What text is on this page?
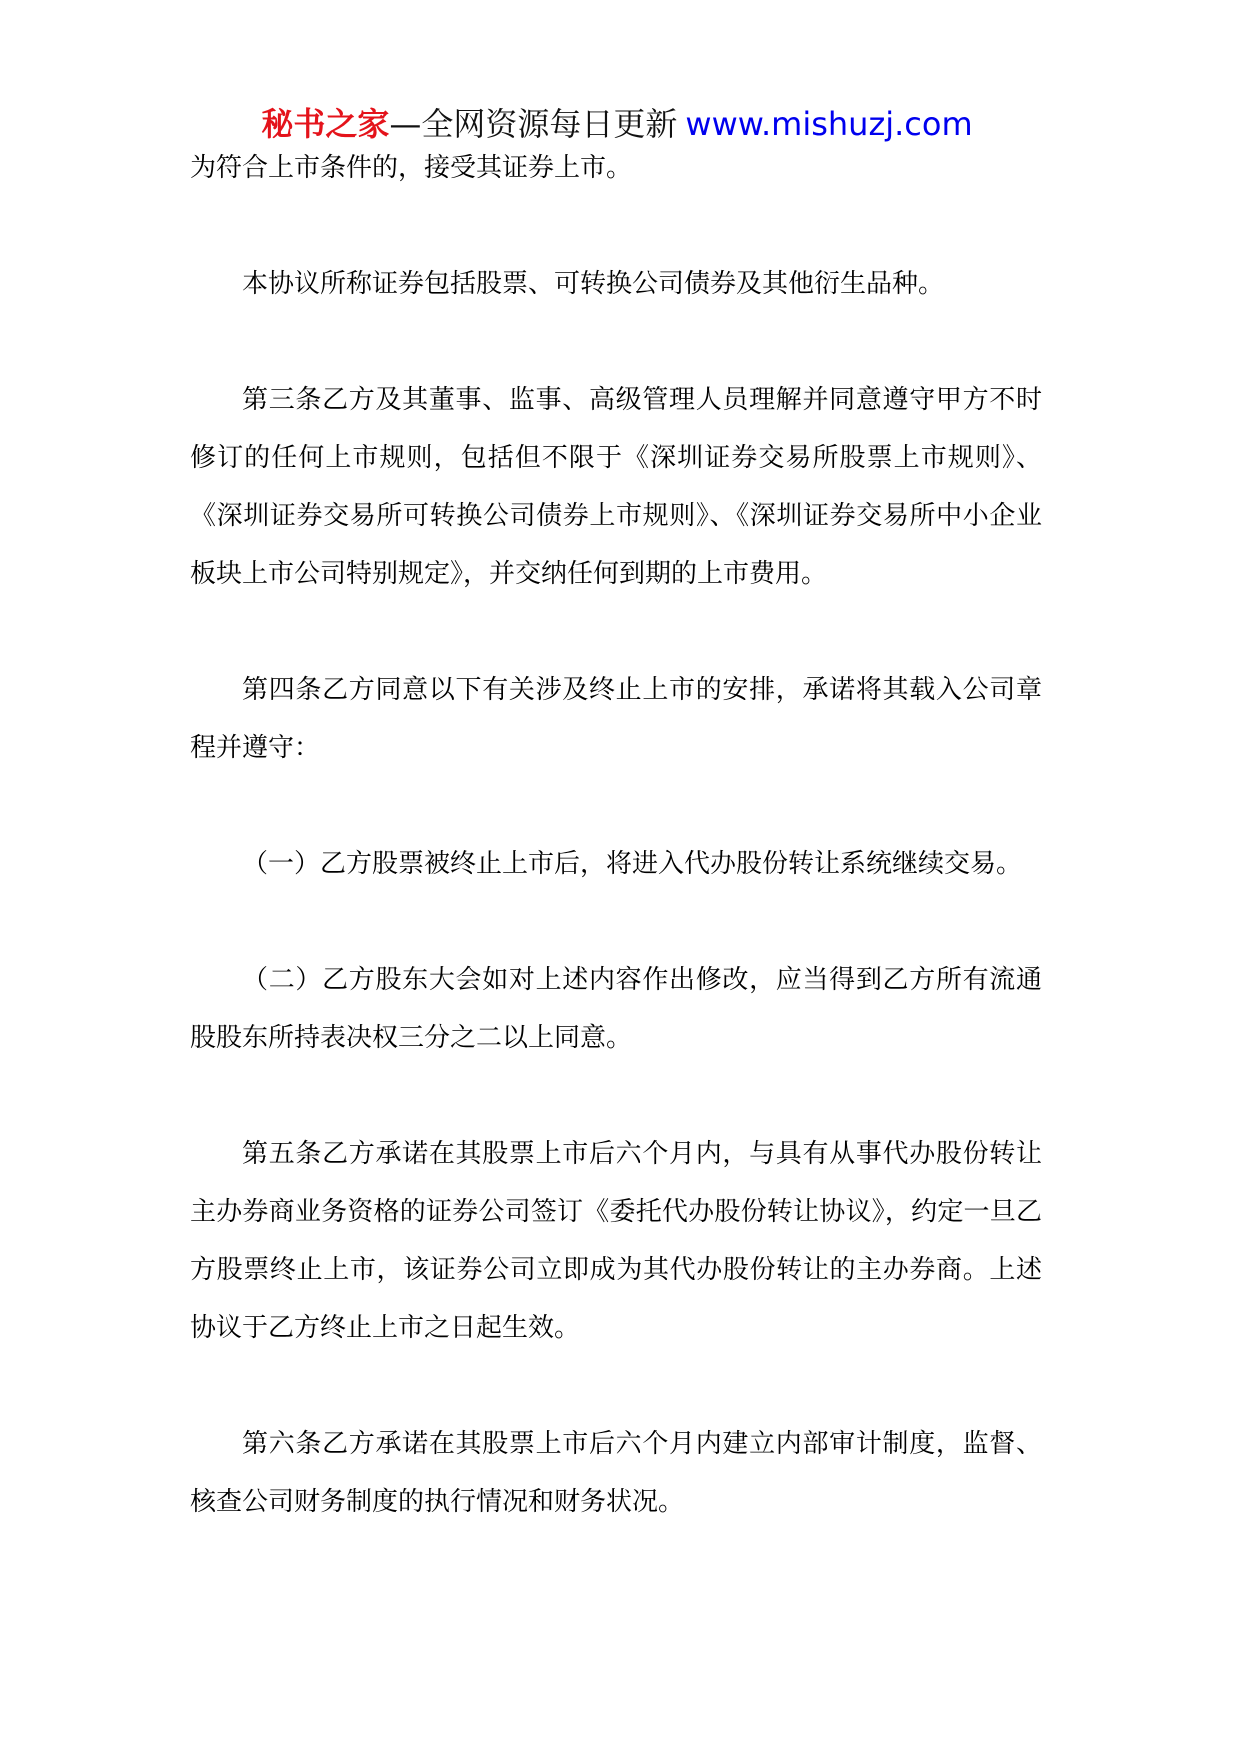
秘书之家—全网资源每日更新 www.mishuzj.com

为符合上市条件的，接受其证券上市。

本协议所称证券包括股票、可转换公司债券及其他衍生品种。

第三条乙方及其董事、监事、高级管理人员理解并同意遵守甲方不时修订的任何上市规则，包括但不限于《深圳证券交易所股票上市规则》、《深圳证券交易所可转换公司债券上市规则》、《深圳证券交易所中小企业板块上市公司特别规定》，并交纳任何到期的上市费用。

第四条乙方同意以下有关涉及终止上市的安排，承诺将其载入公司章程并遵守：

（一）乙方股票被终止上市后，将进入代办股份转让系统继续交易。

（二）乙方股东大会如对上述内容作出修改，应当得到乙方所有流通股股东所持表决权三分之二以上同意。

第五条乙方承诺在其股票上市后六个月内，与具有从事代办股份转让主办券商业务资格的证券公司签订《委托代办股份转让协议》，约定一旦乙方股票终止上市，该证券公司立即成为其代办股份转让的主办券商。上述协议于乙方终止上市之日起生效。

第六条乙方承诺在其股票上市后六个月内建立内部审计制度，监督、核查公司财务制度的执行情况和财务状况。
